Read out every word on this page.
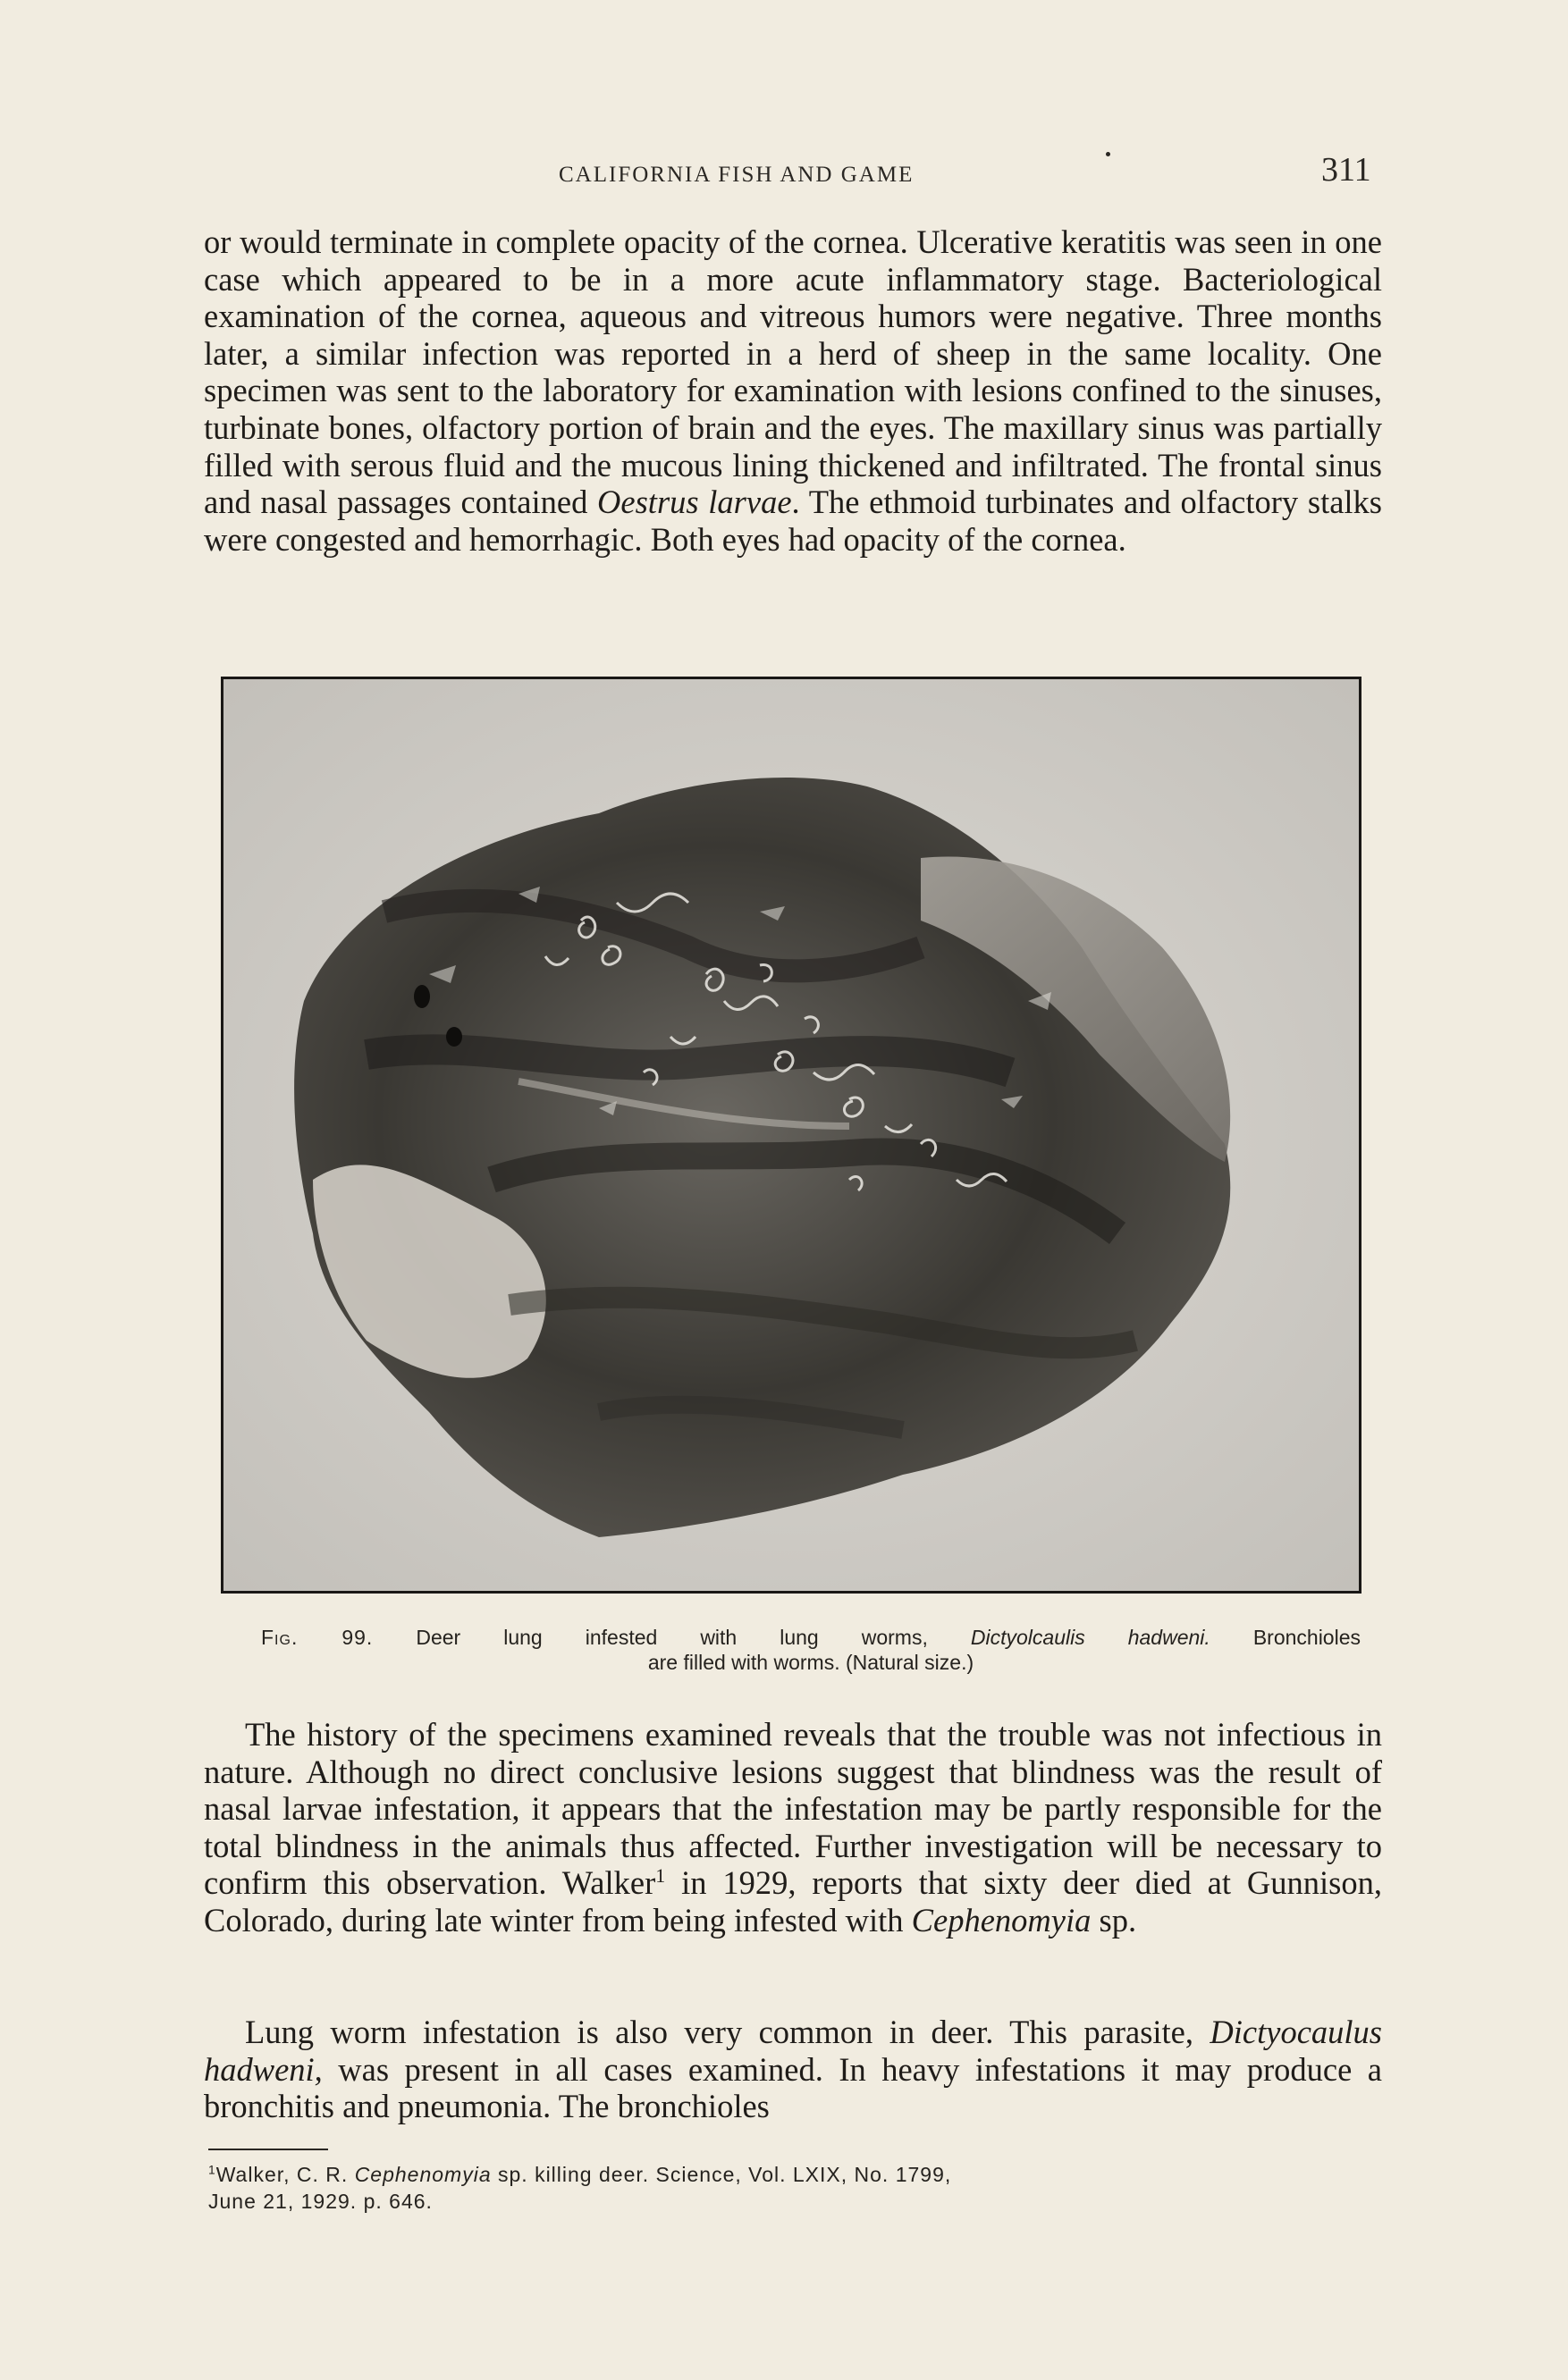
CALIFORNIA FISH AND GAME	311

or would terminate in complete opacity of the cornea. Ulcerative keratitis was seen in one case which appeared to be in a more acute inflammatory stage. Bacteriological examination of the cornea, aqueous and vitreous humors were negative. Three months later, a similar infection was reported in a herd of sheep in the same locality. One specimen was sent to the laboratory for examination with lesions confined to the sinuses, turbinate bones, olfactory portion of brain and the eyes. The maxillary sinus was partially filled with serous fluid and the mucous lining thickened and infiltrated. The frontal sinus and nasal passages contained Oestrus larvae. The ethmoid turbinates and olfactory stalks were congested and hemorrhagic. Both eyes had opacity of the cornea.

Fig. 99. Deer lung infested with lung worms, Dictyolcaulis hadweni. Bronchioles
are filled with worms. (Natural size.)

The history of the specimens examined reveals that the trouble was not infectious in nature. Although no direct conclusive lesions suggest that blindness was the result of nasal larvae infestation, it appears that the infestation may be partly responsible for the total blindness in the animals thus affected. Further investigation will be necessary to confirm this observation. Walker$^1$ in 1929, reports that sixty deer died at Gunnison, Colorado, during late winter from being infested with Cephenomyia sp.

Lung worm infestation is also very common in deer. This parasite, Dictyocaulus hadweni, was present in all cases examined. In heavy infestations it may produce a bronchitis and pneumonia. The bronchioles

$^1$Walker, C. R. Cephenomyia sp. killing deer. Science, Vol. LXIX, No. 1799,
June 21, 1929. p. 646.
